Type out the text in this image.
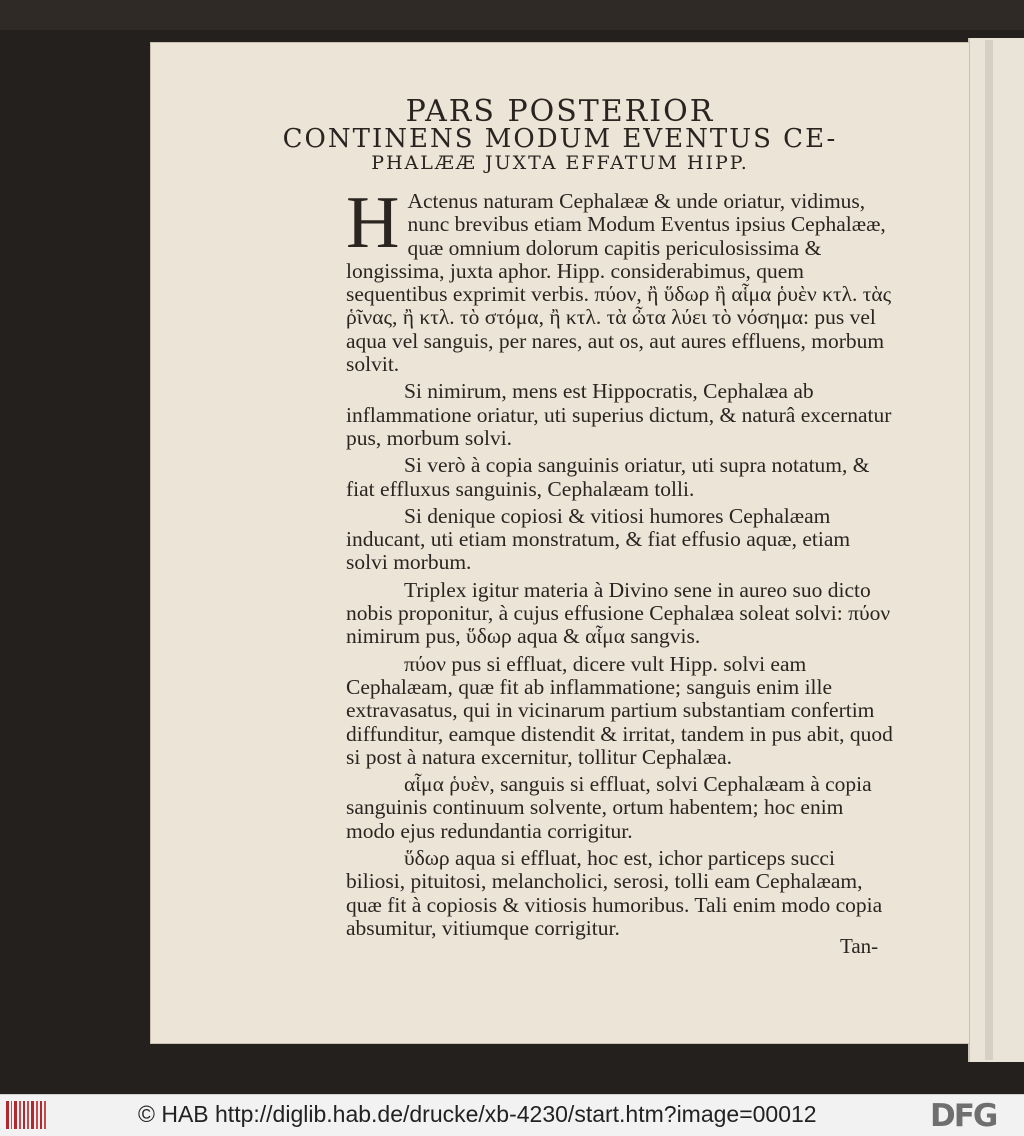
PARS POSTERIOR
CONTINENS MODUM EVENTUS CE-
PHALÆÆ JUXTA EFFATUM HIPP.

H Actenus naturam Cephalææ & unde oriatur, vidimus, nunc brevibus etiam Modum Eventus ipsius Cephalææ, quæ omnium dolorum capitis periculosissima & longissima, juxta aphor. Hipp. considerabimus, quem sequentibus exprimit verbis. πύον, ἢ ὕδωρ ἢ αἷμα ῥυὲν κτλ. τὰς ῥῖνας, ἢ κτλ. τὸ στόμα, ἢ κτλ. τὰ ὦτα λύει τὸ νόσημα: pus vel aqua vel sanguis, per nares, aut os, aut aures effluens, morbum solvit.

Si nimirum, mens est Hippocratis, Cephalæa ab inflammatione oriatur, uti superius dictum, & naturâ excernatur pus, morbum solvi.

Si verò à copia sanguinis oriatur, uti supra notatum, & fiat effluxus sanguinis, Cephalæam tolli.

Si denique copiosi & vitiosi humores Cephalæam inducant, uti etiam monstratum, & fiat effusio aquæ, etiam solvi morbum.

Triplex igitur materia à Divino sene in aureo suo dicto nobis proponitur, à cujus effusione Cephalæa soleat solvi: πύον nimirum pus, ὕδωρ aqua & αἷμα sangvis.

πύον pus si effluat, dicere vult Hipp. solvi eam Cephalæam, quæ fit ab inflammatione; sanguis enim ille extravasatus, qui in vicinarum partium substantiam confertim diffunditur, eamque distendit & irritat, tandem in pus abit, quod si post à natura excernitur, tollitur Cephalæa.

αἷμα ῥυὲν, sanguis si effluat, solvi Cephalæam à copia sanguinis continuum solvente, ortum habentem; hoc enim modo ejus redundantia corrigitur.

ὕδωρ aqua si effluat, hoc est, ichor particeps succi biliosi, pituitosi, melancholici, serosi, tolli eam Cephalæam, quæ fit à copiosis & vitiosis humoribus. Tali enim modo copia absumitur, vitiumque corrigitur.

Tan-
© HAB http://diglib.hab.de/drucke/xb-4230/start.htm?image=00012	DFG
